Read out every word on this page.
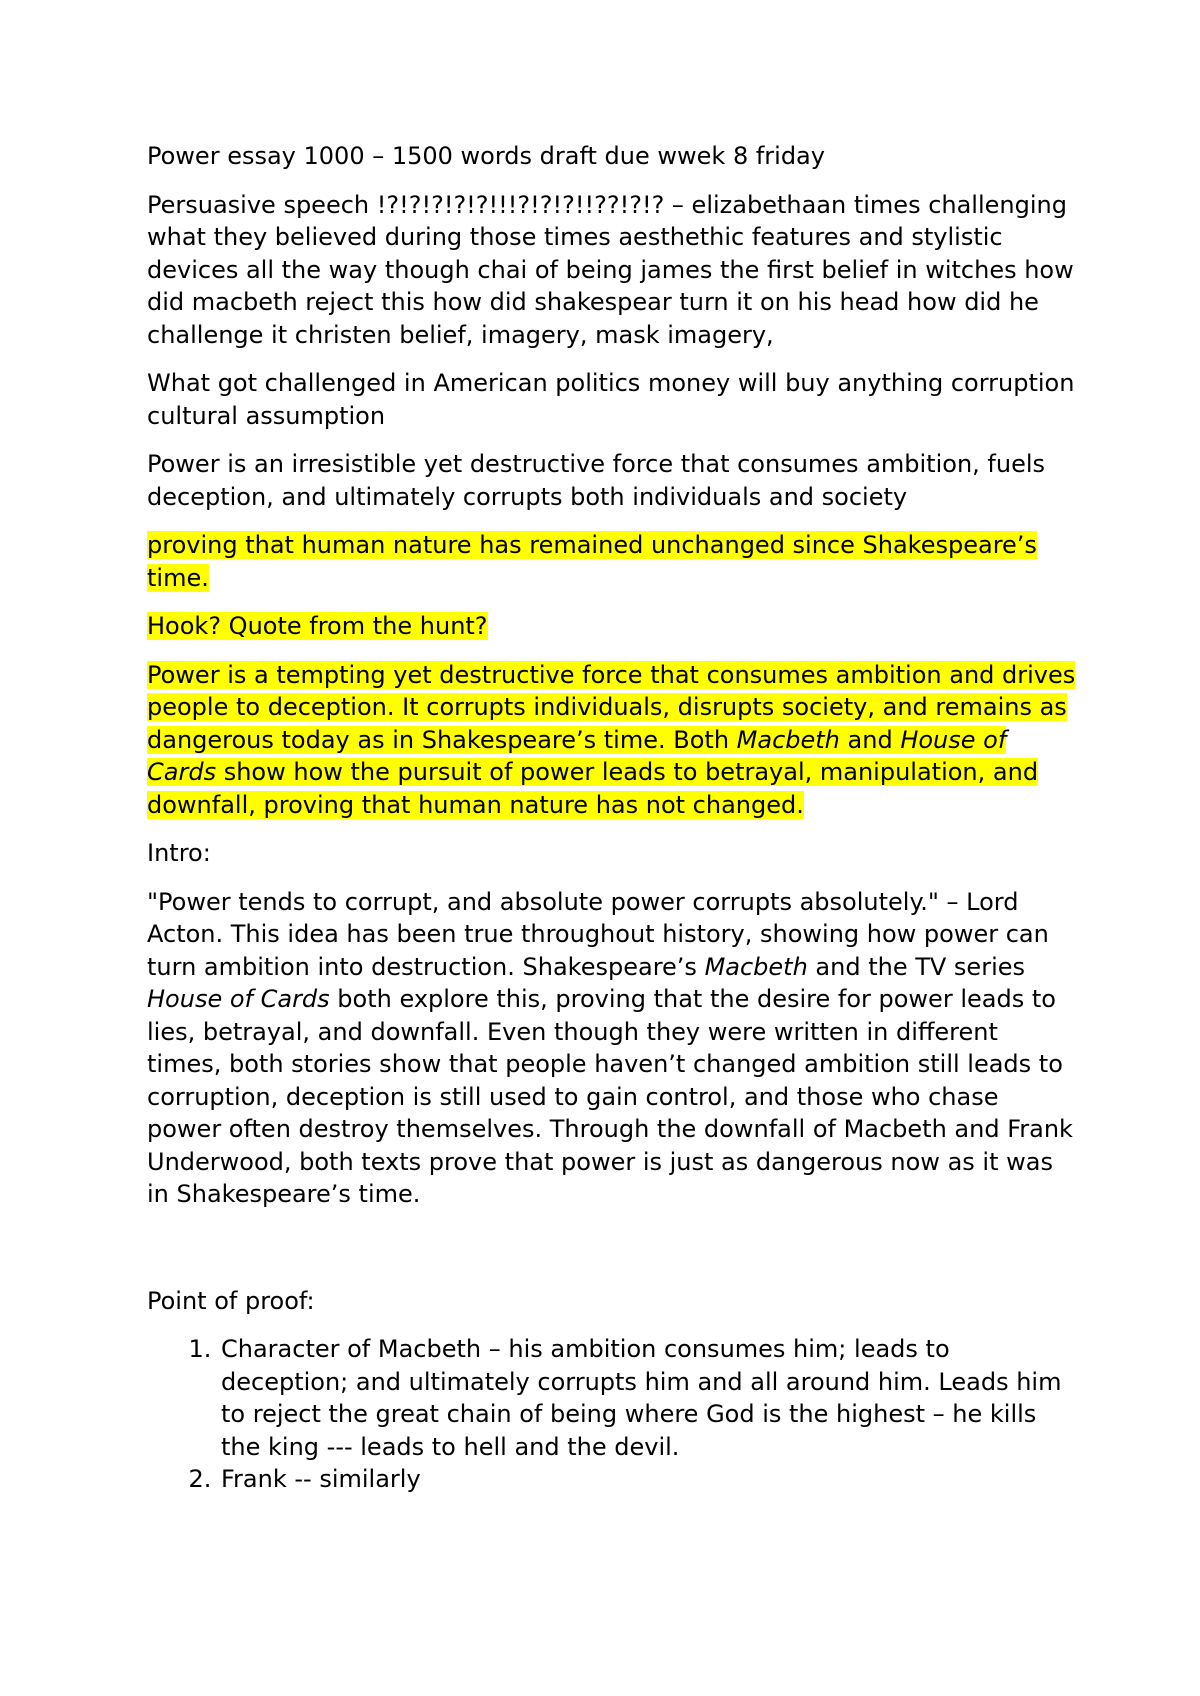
Power essay 1000 – 1500 words draft due wwek 8 friday

Persuasive speech !?!?!?!?!?!!!?!?!?!!??!?!? – elizabethaan times challenging what they believed during those times aesthethic features and stylistic devices all the way though chai of being james the first belief in witches how did macbeth reject this how did shakespear turn it on his head how did he challenge it christen belief, imagery, mask imagery,

What got challenged in American politics money will buy anything corruption cultural assumption

Power is an irresistible yet destructive force that consumes ambition, fuels deception, and ultimately corrupts both individuals and society

proving that human nature has remained unchanged since Shakespeare’s time.

Hook? Quote from the hunt?

Power is a tempting yet destructive force that consumes ambition and drives people to deception. It corrupts individuals, disrupts society, and remains as dangerous today as in Shakespeare’s time. Both Macbeth and House of Cards show how the pursuit of power leads to betrayal, manipulation, and downfall, proving that human nature has not changed.

Intro:

"Power tends to corrupt, and absolute power corrupts absolutely." – Lord Acton. This idea has been true throughout history, showing how power can turn ambition into destruction. Shakespeare’s Macbeth and the TV series House of Cards both explore this, proving that the desire for power leads to lies, betrayal, and downfall. Even though they were written in different times, both stories show that people haven’t changed ambition still leads to corruption, deception is still used to gain control, and those who chase power often destroy themselves. Through the downfall of Macbeth and Frank Underwood, both texts prove that power is just as dangerous now as it was in Shakespeare’s time.

Point of proof:

1. Character of Macbeth – his ambition consumes him; leads to deception; and ultimately corrupts him and all around him. Leads him to reject the great chain of being where God is the highest – he kills the king --- leads to hell and the devil.
2. Frank -- similarly
